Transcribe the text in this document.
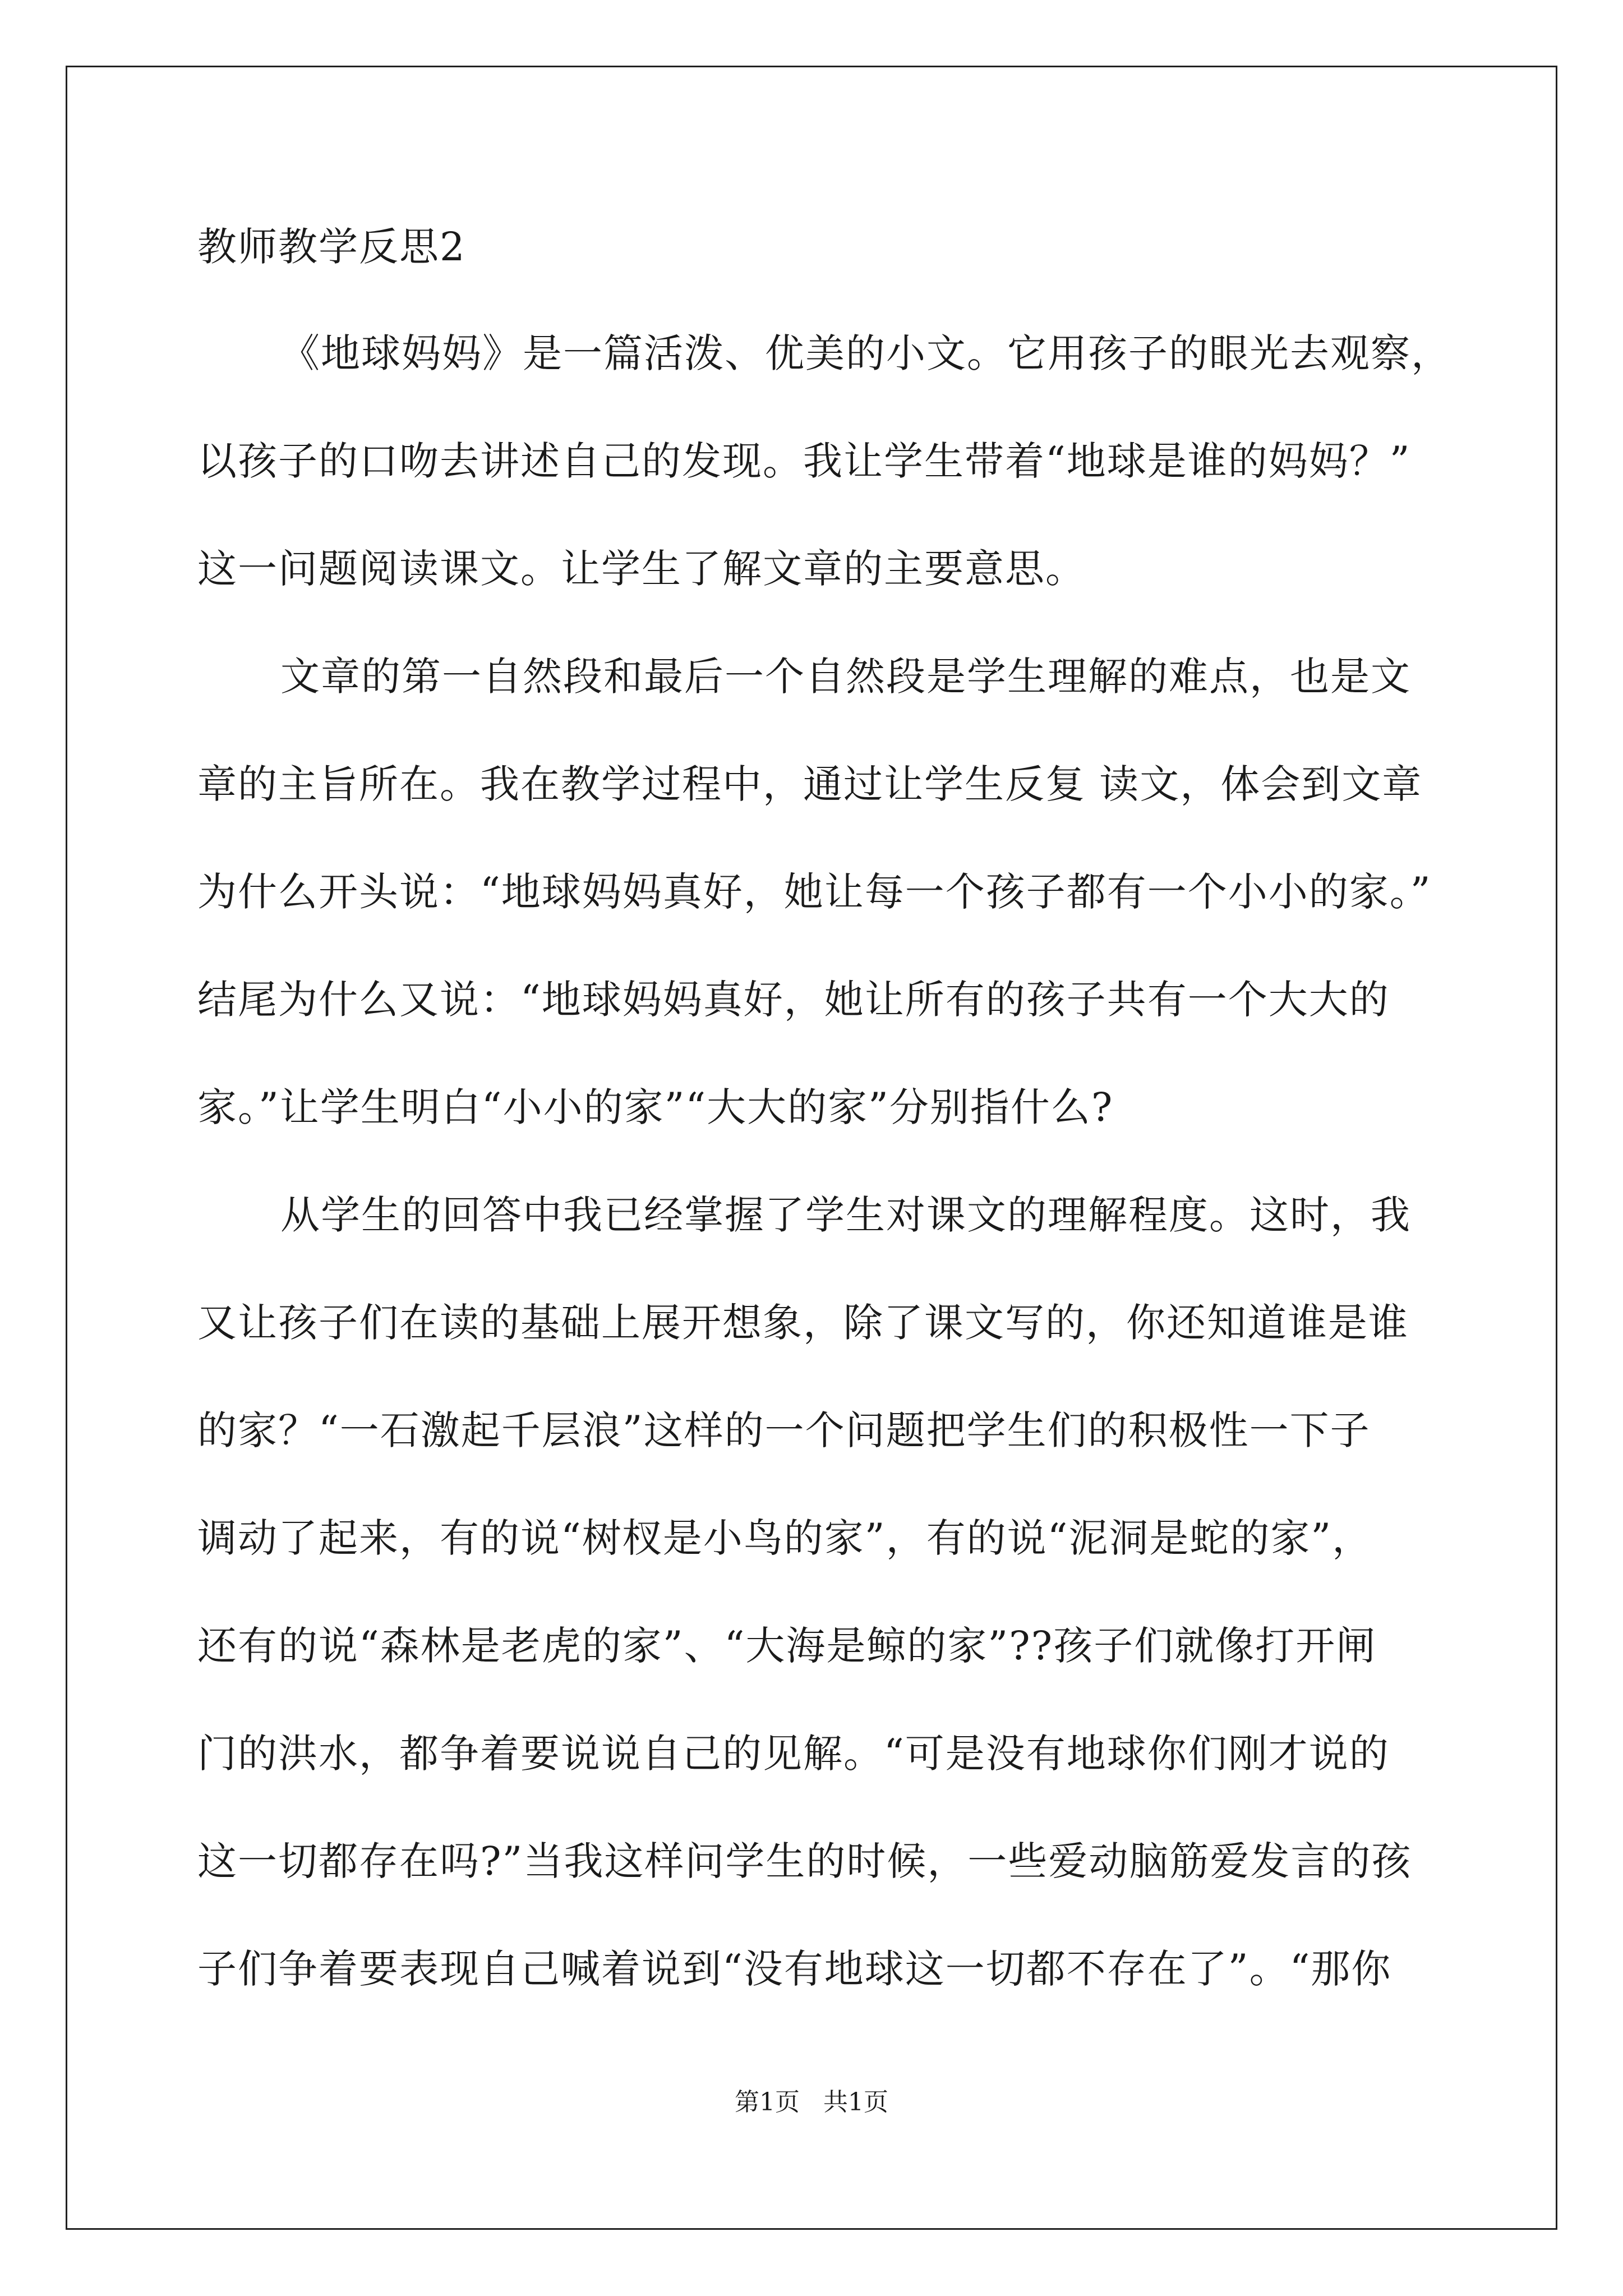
教师教学反思2
《地球妈妈》是一篇活泼、优美的小文。它用孩子的眼光去观察，
以孩子的口吻去讲述自己的发现。我让学生带着“地球是谁的妈妈？”
这一问题阅读课文。让学生了解文章的主要意思。
文章的第一自然段和最后一个自然段是学生理解的难点，也是文
章的主旨所在。我在教学过程中，通过让学生反复 读文，体会到文章
为什么开头说：“地球妈妈真好，她让每一个孩子都有一个小小的家。”
结尾为什么又说：“地球妈妈真好，她让所有的孩子共有一个大大的
家。”让学生明白“小小的家”“大大的家”分别指什么?
从学生的回答中我已经掌握了学生对课文的理解程度。这时，我
又让孩子们在读的基础上展开想象，除了课文写的，你还知道谁是谁
的家？“一石激起千层浪”这样的一个问题把学生们的积极性一下子
调动了起来，有的说“树杈是小鸟的家”，有的说“泥洞是蛇的家”，
还有的说“森林是老虎的家”、“大海是鲸的家”??孩子们就像打开闸
门的洪水，都争着要说说自己的见解。“可是没有地球你们刚才说的
这一切都存在吗?”当我这样问学生的时候，一些爱动脑筋爱发言的孩
子们争着要表现自己喊着说到“没有地球这一切都不存在了”。“那你
第1页 共1页
